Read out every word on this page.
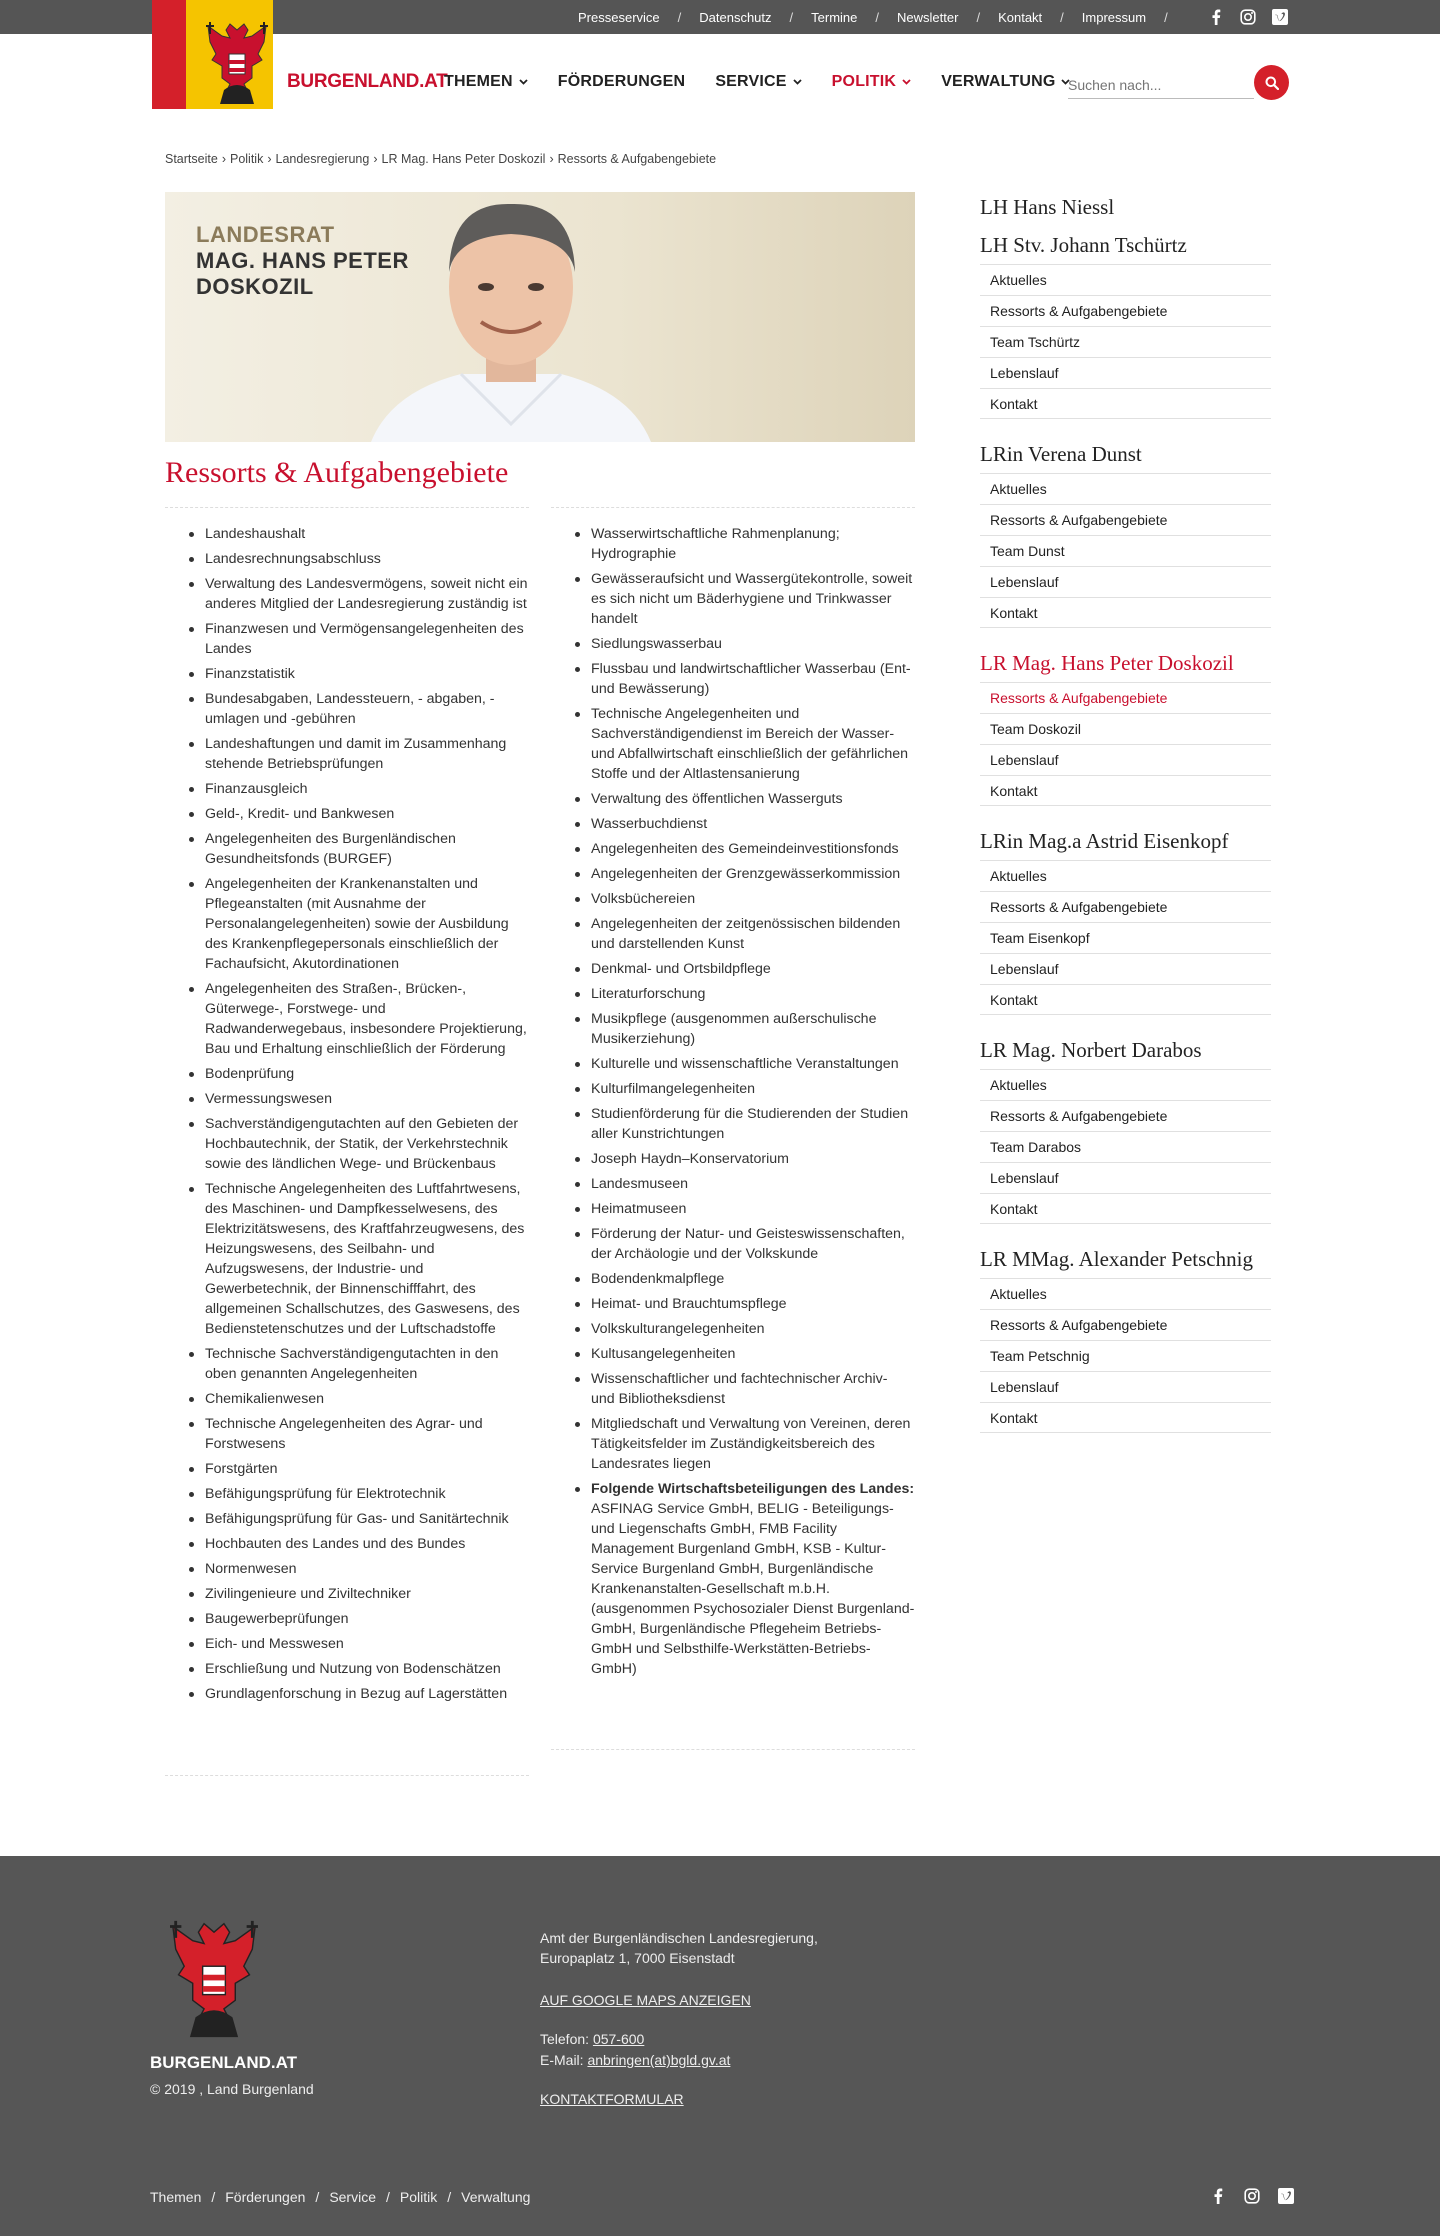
Presseservice / Datenschutz / Termine / Newsletter / Kontakt / Impressum /
BURGENLAND.AT
THEMEN	FÖRDERUNGEN SERVICE	POLITIK	VERWALTUNG
Suchen nach...
Startseite › Politik › Landesregierung › LR Mag. Hans Peter Doskozil › Ressorts & Aufgabengebiete
LANDESRAT
MAG. HANS PETER DOSKOZIL
Ressorts & Aufgabengebiete
Landeshaushalt
Landesrechnungsabschluss
Verwaltung des Landesvermögens, soweit nicht ein anderes Mitglied der Landesregierung zuständig ist
Finanzwesen und Vermögensangelegenheiten des Landes
Finanzstatistik
Bundesabgaben, Landessteuern, - abgaben, - umlagen und -gebühren
Landeshaftungen und damit im Zusammenhang stehende Betriebsprüfungen
Finanzausgleich
Geld-, Kredit- und Bankwesen
Angelegenheiten des Burgenländischen Gesundheitsfonds (BURGEF)
Angelegenheiten der Krankenanstalten und Pflegeanstalten (mit Ausnahme der Personalangelegenheiten) sowie der Ausbildung des Krankenpflegepersonals einschließlich der Fachaufsicht, Akutordinationen
Angelegenheiten des Straßen-, Brücken-, Güterwege-, Forstwege- und Radwanderwegebaus, insbesondere Projektierung, Bau und Erhaltung einschließlich der Förderung
Bodenprüfung
Vermessungswesen
Sachverständigengutachten auf den Gebieten der Hochbautechnik, der Statik, der Verkehrstechnik sowie des ländlichen Wege- und Brückenbaus
Technische Angelegenheiten des Luftfahrtwesens, des Maschinen- und Dampfkesselwesens, des Elektrizitätswesens, des Kraftfahrzeugwesens, des Heizungswesens, des Seilbahn- und Aufzugswesens, der Industrie- und Gewerbetechnik, der Binnenschifffahrt, des allgemeinen Schallschutzes, des Gaswesens, des Bedienstetenschutzes und der Luftschadstoffe
Technische Sachverständigengutachten in den oben genannten Angelegenheiten
Chemikalienwesen
Technische Angelegenheiten des Agrar- und Forstwesens
Forstgärten
Befähigungsprüfung für Elektrotechnik
Befähigungsprüfung für Gas- und Sanitärtechnik
Hochbauten des Landes und des Bundes
Normenwesen
Zivilingenieure und Ziviltechniker
Baugewerbeprüfungen
Eich- und Messwesen
Erschließung und Nutzung von Bodenschätzen
Grundlagenforschung in Bezug auf Lagerstätten
Wasserwirtschaftliche Rahmenplanung; Hydrographie
Gewässeraufsicht und Wassergütekontrolle, soweit es sich nicht um Bäderhygiene und Trinkwasser handelt
Siedlungswasserbau
Flussbau und landwirtschaftlicher Wasserbau (Ent- und Bewässerung)
Technische Angelegenheiten und Sachverständigendienst im Bereich der Wasser- und Abfallwirtschaft einschließlich der gefährlichen Stoffe und der Altlastensanierung
Verwaltung des öffentlichen Wasserguts
Wasserbuchdienst
Angelegenheiten des Gemeindeinvestitionsfonds
Angelegenheiten der Grenzgewässerkommission
Volksbüchereien
Angelegenheiten der zeitgenössischen bildenden und darstellenden Kunst
Denkmal- und Ortsbildpflege
Literaturforschung
Musikpflege (ausgenommen außerschulische Musikerziehung)
Kulturelle und wissenschaftliche Veranstaltungen
Kulturfilmangelegenheiten
Studienförderung für die Studierenden der Studien aller Kunstrichtungen
Joseph Haydn–Konservatorium
Landesmuseen
Heimatmuseen
Förderung der Natur- und Geisteswissenschaften, der Archäologie und der Volkskunde
Bodendenkmalpflege
Heimat- und Brauchtumspflege
Volkskulturangelegenheiten
Kultusangelegenheiten
Wissenschaftlicher und fachtechnischer Archiv- und Bibliotheksdienst
Mitgliedschaft und Verwaltung von Vereinen, deren Tätigkeitsfelder im Zuständigkeitsbereich des Landesrates liegen
Folgende Wirtschaftsbeteiligungen des Landes: ASFINAG Service GmbH, BELIG - Beteiligungs- und Liegenschafts GmbH, FMB Facility Management Burgenland GmbH, KSB - Kultur-Service Burgenland GmbH, Burgenländische Krankenanstalten-Gesellschaft m.b.H. (ausgenommen Psychosozialer Dienst Burgenland-GmbH, Burgenländische Pflegeheim Betriebs-GmbH und Selbsthilfe-Werkstätten-Betriebs-GmbH)
LH Hans Niessl
LH Stv. Johann Tschürtz
Aktuelles
Ressorts & Aufgabengebiete
Team Tschürtz
Lebenslauf
Kontakt
LRin Verena Dunst
Aktuelles
Ressorts & Aufgabengebiete
Team Dunst
Lebenslauf
Kontakt
LR Mag. Hans Peter Doskozil
Ressorts & Aufgabengebiete
Team Doskozil
Lebenslauf
Kontakt
LRin Mag.a Astrid Eisenkopf
Aktuelles
Ressorts & Aufgabengebiete
Team Eisenkopf
Lebenslauf
Kontakt
LR Mag. Norbert Darabos
Aktuelles
Ressorts & Aufgabengebiete
Team Darabos
Lebenslauf
Kontakt
LR MMag. Alexander Petschnig
Aktuelles
Ressorts & Aufgabengebiete
Team Petschnig
Lebenslauf
Kontakt
BURGENLAND.AT
© 2019 , Land Burgenland
Amt der Burgenländischen Landesregierung,
Europaplatz 1, 7000 Eisenstadt
AUF GOOGLE MAPS ANZEIGEN
Telefon: 057-600
E-Mail: anbringen(at)bgld.gv.at
KONTAKTFORMULAR
Themen / Förderungen / Service / Politik / Verwaltung
